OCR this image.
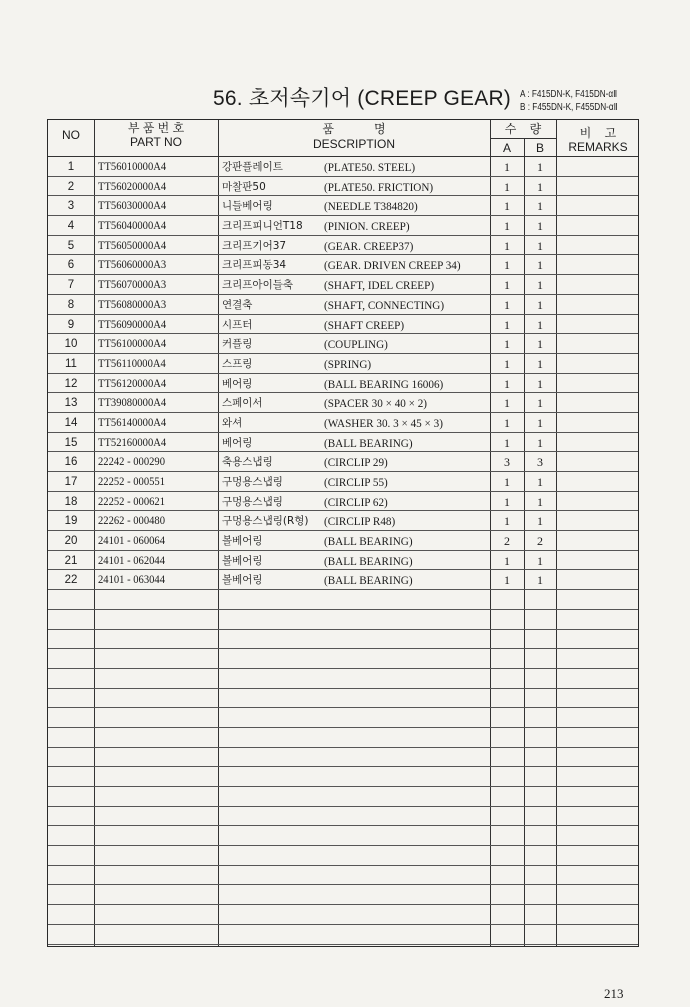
56. 초저속기어 (CREEP GEAR) A : F415DN-K, F415DN-αⅡ
B : F455DN-K, F455DN-αⅡ
NO	부 품 번 호
PART NO
품            명
DESCRIPTION
수    량
A	B
비    고
REMARKS
1	TT56010000A4	강판플레이트	(PLATE50. STEEL)	1	1
2	TT56020000A4	마찰판50	(PLATE50. FRICTION)	1	1
3	TT56030000A4	니들베어링	(NEEDLE T384820)	1	1
4	TT56040000A4	크리프피니언T18	(PINION. CREEP)	1	1
5	TT56050000A4	크리프기어37	(GEAR. CREEP37)	1	1
6	TT56060000A3	크리프피동34	(GEAR. DRIVEN CREEP 34)	1	1
7	TT56070000A3	크리프아이들축	(SHAFT, IDEL CREEP)	1	1
8	TT56080000A3	연결축	(SHAFT, CONNECTING)	1	1
9	TT56090000A4	시프터	(SHAFT CREEP)	1	1
10	TT56100000A4	커플링	(COUPLING)	1	1
11	TT56110000A4	스프링	(SPRING)	1	1
12	TT56120000A4	베어링	(BALL BEARING 16006)	1	1
13	TT39080000A4	스페이서	(SPACER 30 × 40 × 2)	1	1
14	TT56140000A4	와셔	(WASHER 30. 3 × 45 × 3)	1	1
15	TT52160000A4	베어링	(BALL BEARING)	1	1
16	22242 - 000290	축용스냅링	(CIRCLIP 29)	3	3
17	22252 - 000551	구멍용스냅링	(CIRCLIP 55)	1	1
18	22252 - 000621	구멍용스냅링	(CIRCLIP 62)	1	1
19	22262 - 000480	구멍용스냅링(R형)	(CIRCLIP R48)	1	1
20	24101 - 060064	볼베어링	(BALL BEARING)	2	2
21	24101 - 062044	볼베어링	(BALL BEARING)	1	1
22	24101 - 063044	볼베어링	(BALL BEARING)	1	1
213
